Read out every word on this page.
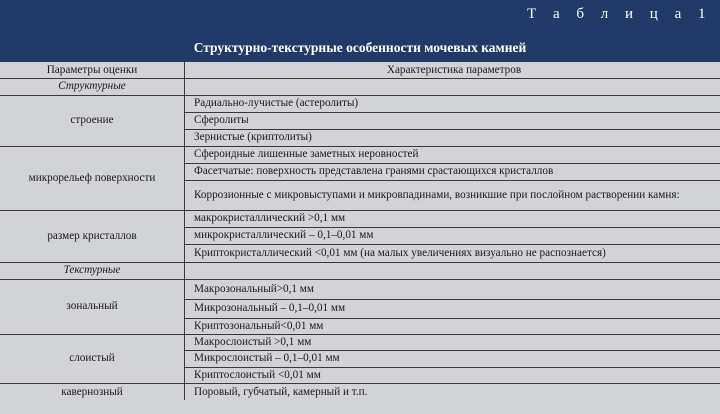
Т а б л и ц а 1
Структурно-текстурные особенности мочевых камней
Параметры оценки	Характеристика параметров
Структурные	
строение	Радиально-лучистые (астеролиты)
	Сферолиты
	Зернистые (криптолиты)
микрорельеф поверхности	Сфероидные лишенные заметных неровностей
	Фасетчатые: поверхность представлена гранями срастающихся кристаллов
	Коррозионные с микровыступами и микровпадинами, возникшие при послойном растворении камня:
размер кристаллов	макрокристаллический >0,1 мм
	микрокристаллический – 0,1–0,01 мм
	Криптокристаллический <0,01 мм (на малых увеличениях визуально не распознается)
Текстурные	
зональный	Макрозональный>0,1 мм
	Микрозональный – 0,1–0,01 мм
	Криптозональный<0,01 мм
слоистый	Макрослоистый >0,1 мм
	Микрослоистый – 0,1–0,01 мм
	Криптослоистый <0,01 мм
кавернозный	Поровый, губчатый, камерный и т.п.
